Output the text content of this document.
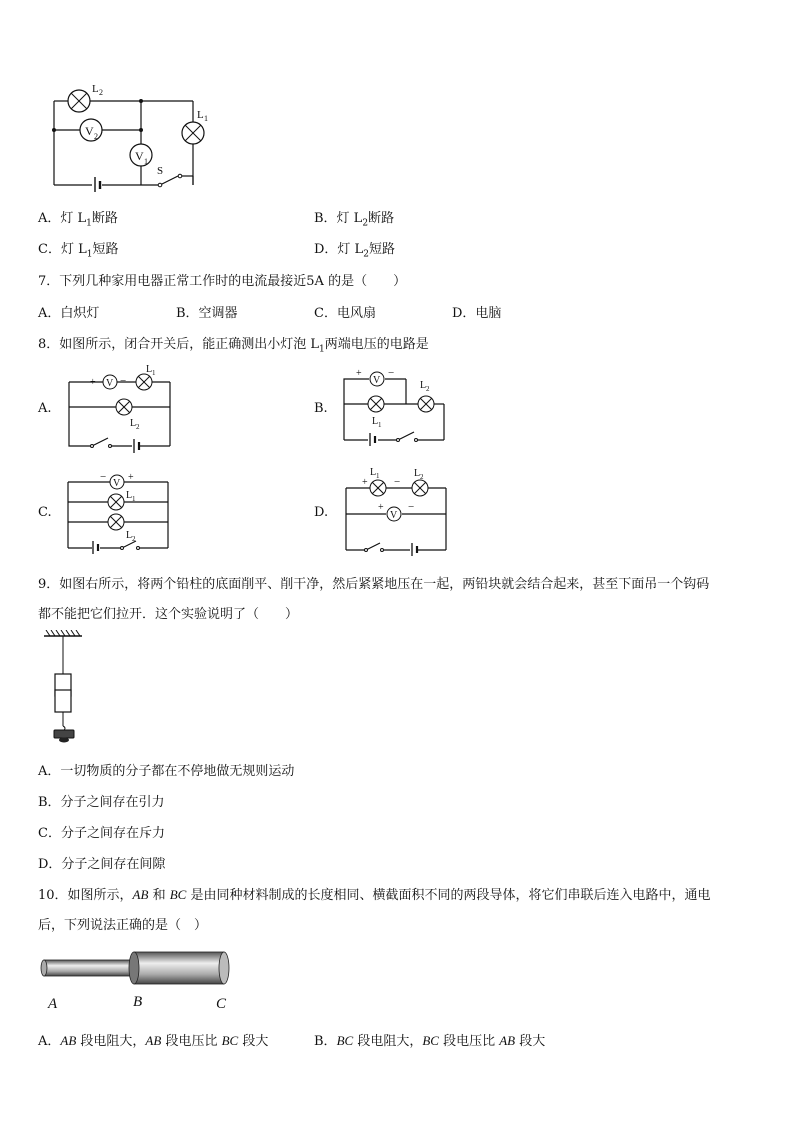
V 2
V 1
L 2
L 1
S
A．灯 $L_1$断路	B．灯 $L_2$断路
C．灯 $L_1$短路	D．灯 $L_2$短路
7．下列几种家用电器正常工作时的电流最接近5A 的是（　　）
A．白炽灯	B．空调器	C．电风扇	D．电脑
8．如图所示，闭合开关后，能正确测出小灯泡 $L_1$两端电压的电路是
A.
V
+ −
L 1
L 2
B.
V
+ −
L 2
L 1
C.
V
− +
L 1
L 2
D.	V
+ −
+ −
L 1	L 2
9．如图右所示，将两个铅柱的底面削平、削干净，然后紧紧地压在一起，两铅块就会结合起来，甚至下面吊一个钩码
都不能把它们拉开．这个实验说明了（　　）
A．一切物质的分子都在不停地做无规则运动
B．分子之间存在引力
C．分子之间存在斥力
D．分子之间存在间隙
10．如图所示，AB 和 BC 是由同种材料制成的长度相同、横截面积不同的两段导体，将它们串联后连入电路中，通电
后，下列说法正确的是（　）
A	B	C
A．AB 段电阻大，AB 段电压比 BC 段大	B．BC 段电阻大，BC 段电压比 AB 段大
